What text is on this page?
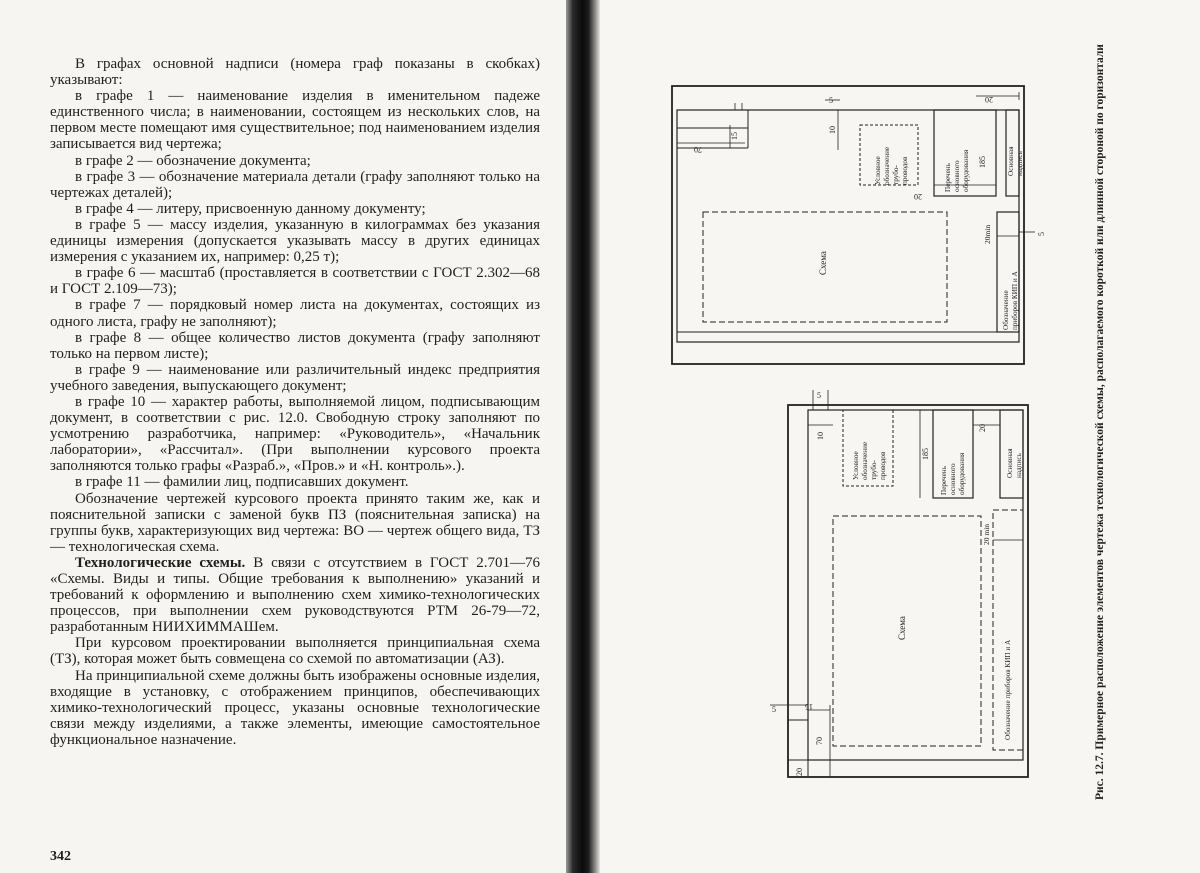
В графах основной надписи (номера граф показаны в скобках) указывают:

в графе 1 — наименование изделия в именительном падеже единственного числа; в наименовании, состоящем из нескольких слов, на первом месте помещают имя существительное; под наименованием изделия записывается вид чертежа;

в графе 2 — обозначение документа;

в графе 3 — обозначение материала детали (графу заполняют только на чертежах деталей);

в графе 4 — литеру, присвоенную данному документу;

в графе 5 — массу изделия, указанную в килограммах без указания единицы измерения (допускается указывать массу в других единицах измерения с указанием их, например: 0,25 т);

в графе 6 — масштаб (проставляется в соответствии с ГОСТ 2.302—68 и ГОСТ 2.109—73);

в графе 7 — порядковый номер листа на документах, состоящих из одного листа, графу не заполняют);

в графе 8 — общее количество листов документа (графу заполняют только на первом листе);

в графе 9 — наименование или различительный индекс предприятия учебного заведения, выпускающего документ;

в графе 10 — характер работы, выполняемой лицом, подписывающим документ, в соответствии с рис. 12.0. Свободную строку заполняют по усмотрению разработчика, например: «Руководитель», «Начальник лаборатории», «Рассчитал». (При выполнении курсового проекта заполняются только графы «Разраб.», «Пров.» и «Н. контроль».).

в графе 11 — фамилии лиц, подписавших документ.

Обозначение чертежей курсового проекта принято таким же, как и пояснительной записки с заменой букв ПЗ (пояснительная записка) на группы букв, характеризующих вид чертежа: ВО — чертеж общего вида, ТЗ — технологическая схема.

Технологические схемы. В связи с отсутствием в ГОСТ 2.701—76 «Схемы. Виды и типы. Общие требования к выполнению» указаний и требований к оформлению и выполнению схем химико-технологических процессов, при выполнении схем руководствуются РТМ 26-79—72, разработанным НИИХИММАШем.

При курсовом проектировании выполняется принципиальная схема (ТЗ), которая может быть совмещена со схемой по автоматизации (АЗ).

На принципиальной схеме должны быть изображены основные изделия, входящие в установку, с отображением принципов, обеспечивающих химико-технологический процесс, указаны основные технологические связи между изделиями, а также элементы, имеющие самостоятельное функциональное назначение.

342
Схема
Условное обозначение трубо- проводов	Перечень основного оборудования	Основная надпись
Обозначение приборов КИП и А
5	20
10
15
70
185
20
20min	5
Схема
Условное обозначение трубо- проводов
Перечень основного оборудования	Основная надпись
Обозначение приборов КИП и А
5
10
185
20
20 min
5	15
70
20	Рис. 12.7. Примерное расположение элементов чертежа технологической схемы, располагаемого короткой или длинной стороной по горизонтали
